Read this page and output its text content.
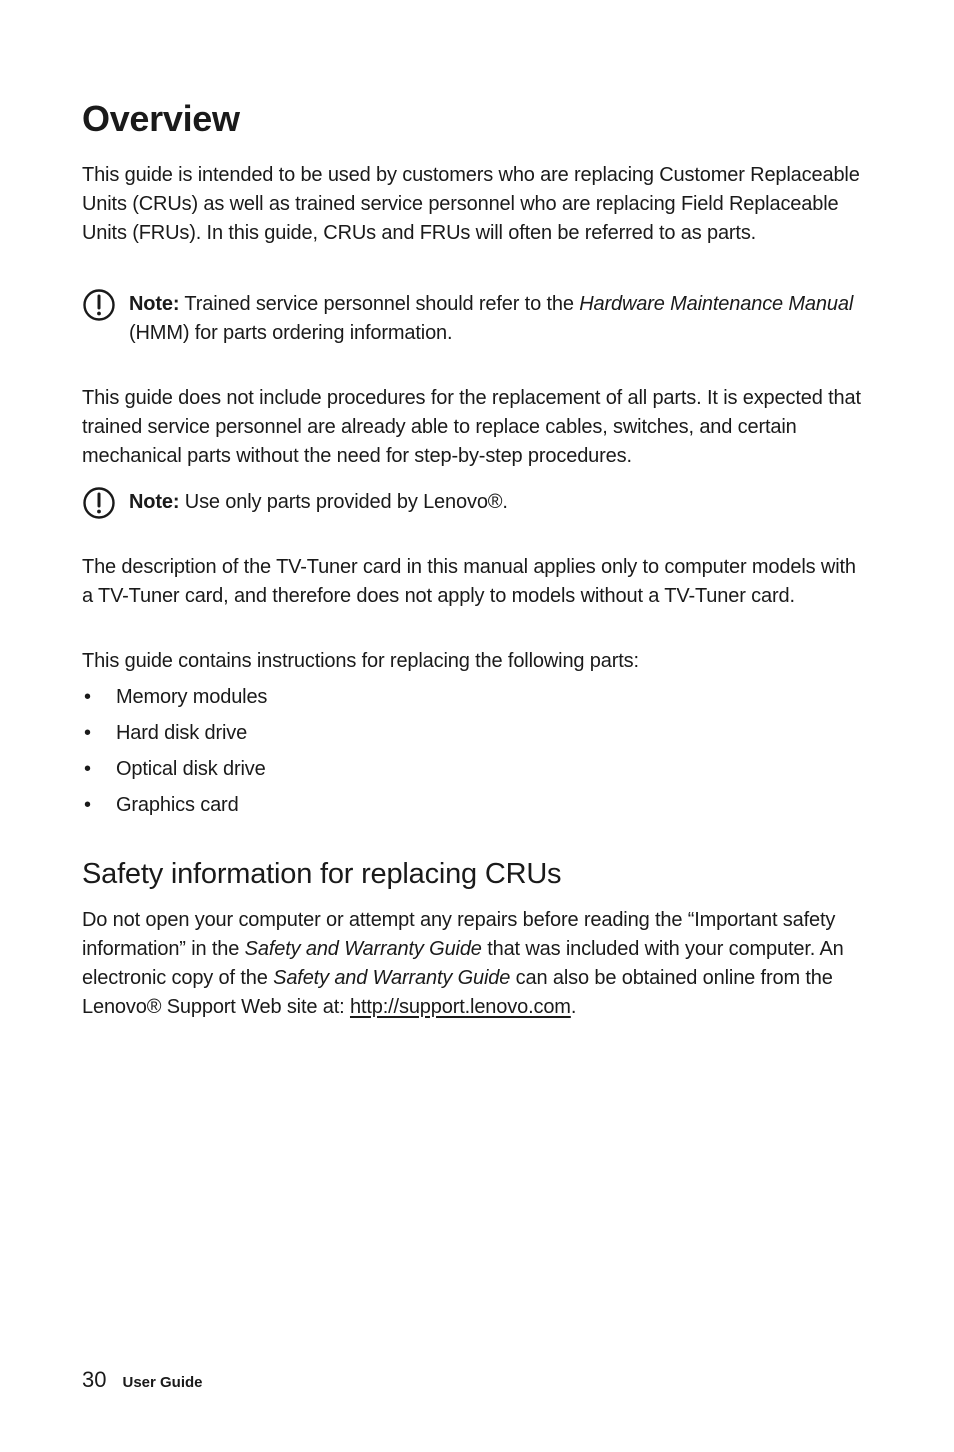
Overview

This guide is intended to be used by customers who are replacing Customer Replaceable Units (CRUs) as well as trained service personnel who are replacing Field Replaceable Units (FRUs). In this guide, CRUs and FRUs will often be referred to as parts.

Note: Trained service personnel should refer to the Hardware Maintenance Manual (HMM) for parts ordering information.

This guide does not include procedures for the replacement of all parts. It is expected that trained service personnel are already able to replace cables, switches, and certain mechanical parts without the need for step-by-step procedures.

Note: Use only parts provided by Lenovo®.

The description of the TV-Tuner card in this manual applies only to computer models with a TV-Tuner card, and therefore does not apply to models without a TV-Tuner card.

This guide contains instructions for replacing the following parts:

• Memory modules
• Hard disk drive
• Optical disk drive
• Graphics card
Safety information for replacing CRUs

Do not open your computer or attempt any repairs before reading the “Important safety information” in the Safety and Warranty Guide that was included with your computer. An electronic copy of the Safety and Warranty Guide can also be obtained online from the Lenovo® Support Web site at: http://support.lenovo.com.

30 User Guide
